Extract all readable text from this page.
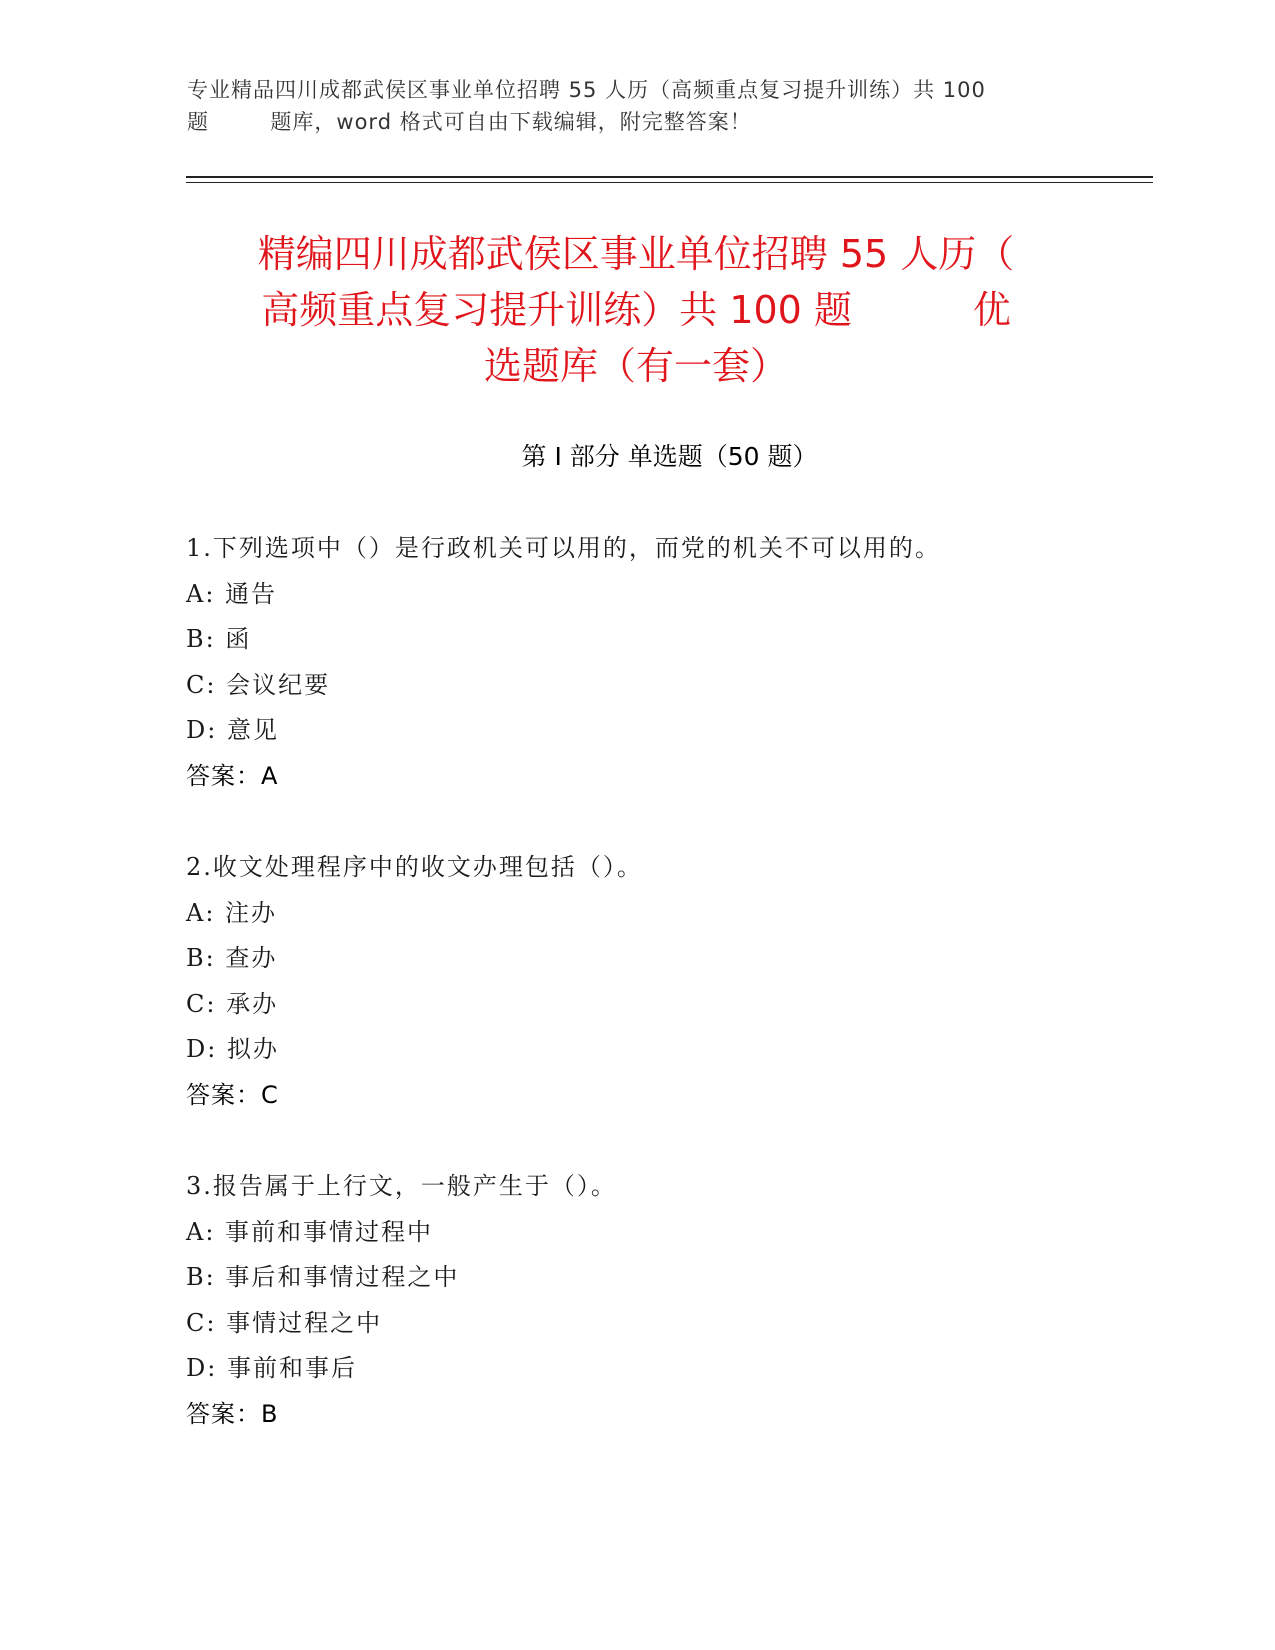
专业精品四川成都武侯区事业单位招聘 55 人历（高频重点复习提升训练）共 100
题        题库，word 格式可自由下载编辑，附完整答案！
精编四川成都武侯区事业单位招聘 55 人历（
高频重点复习提升训练）共 100 题          优
选题库（有一套）
第 I 部分 单选题（50 题）
1.下列选项中（）是行政机关可以用的，而党的机关不可以用的。
A: 通告
B: 函
C: 会议纪要
D: 意见
答案：A
2.收文处理程序中的收文办理包括（）。
A: 注办
B: 查办
C: 承办
D: 拟办
答案：C
3.报告属于上行文，一般产生于（）。
A: 事前和事情过程中
B: 事后和事情过程之中
C: 事情过程之中
D: 事前和事后
答案：B
